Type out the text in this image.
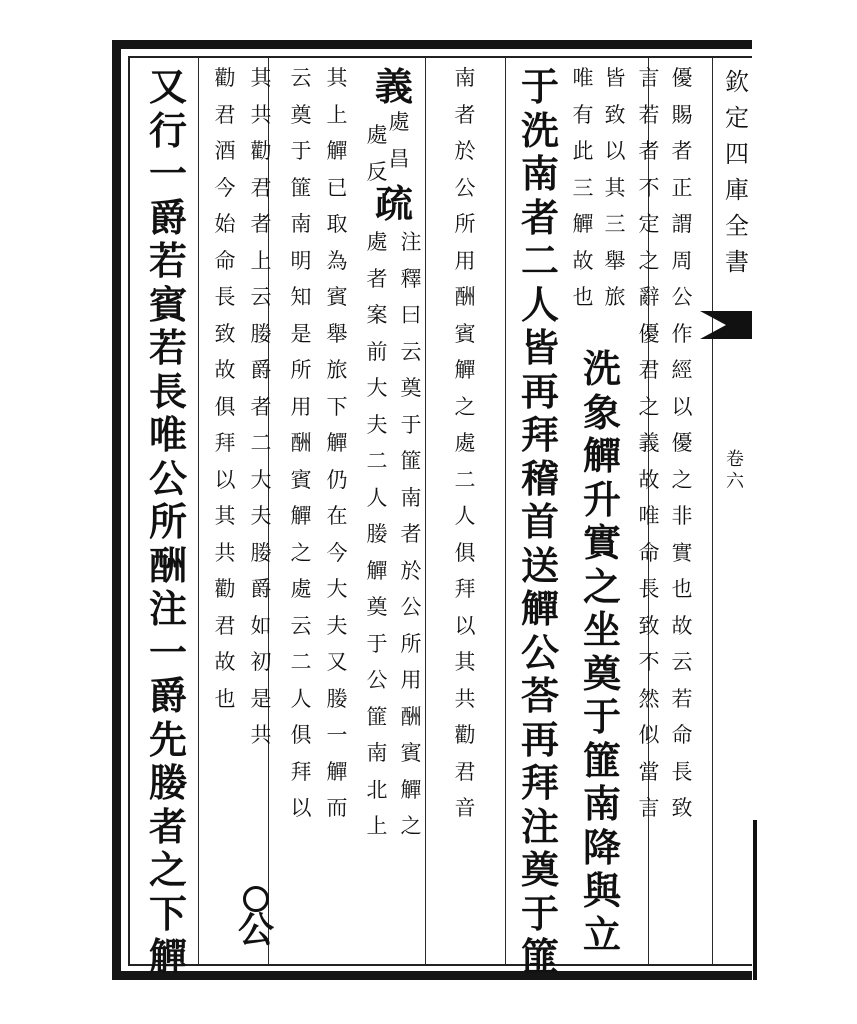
欽
定
四
庫
全
書
卷
六
優
賜
者
正
謂
周
公
作
經
以
優
之
非
實
也
故
云
若
命
長
致
言
若
者
不
定
之
辭
優
君
之
義
故
唯
命
長
致
不
然
似
當
言
皆
致
以
其
三
舉
旅
唯
有
此
三
觶
故
也
洗
象
觶
升
實
之
坐
奠
于
篚
南
降
與
立
于
洗
南
者
二
人
皆
再
拜
稽
首
送
觶
公
荅
再
拜
注
奠
于
篚
南
者
於
公
所
用
酬
賓
觶
之
處
二
人
俱
拜
以
其
共
勸
君
音
義
處
昌
疏
注
釋
曰
云
奠
于
篚
南
者
於
公
所
用
酬
賓
觶
之
處
者
案
前
大
夫
二
人
媵
觶
奠
于
公
篚
南
北
上
處
反
其
上
觶
已
取
為
賓
舉
旅
下
觶
仍
在
今
大
夫
又
媵
一
觶
而
云
奠
于
篚
南
明
知
是
所
用
酬
賓
觶
之
處
云
二
人
俱
拜
以
其
共
勸
君
者
上
云
媵
爵
者
二
大
夫
媵
爵
如
初
是
共
公
勸
君
酒
今
始
命
長
致
故
俱
拜
以
其
共
勸
君
故
也
又
行
一
爵
若
賓
若
長
唯
公
所
酬
注
一
爵
先
媵
者
之
下
觶
